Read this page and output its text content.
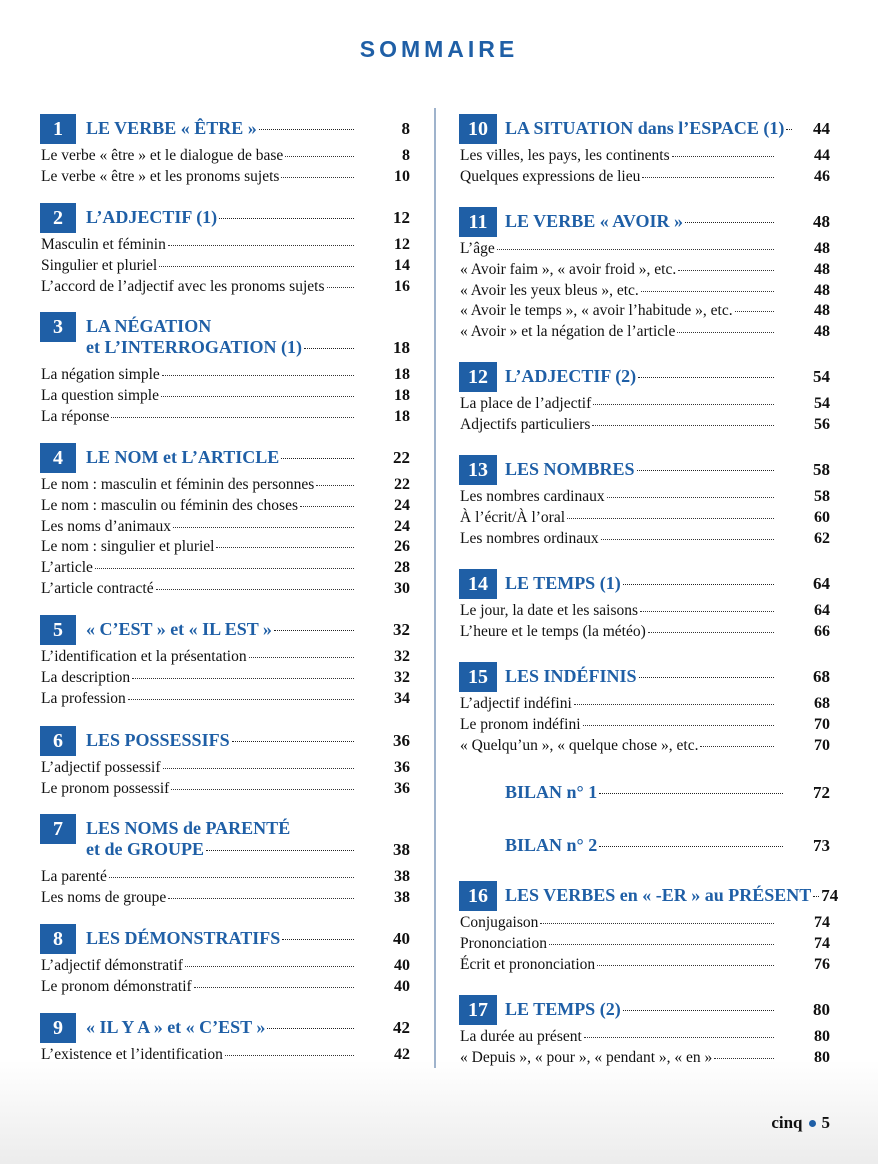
SOMMAIRE
1	LE VERBE « ÊTRE »	8
Le verbe « être » et le dialogue de base	8
Le verbe « être » et les pronoms sujets	10
2	L’ADJECTIF (1)	12
Masculin et féminin	12
Singulier et pluriel	14
L’accord de l’adjectif avec les pronoms sujets	16
3	LA NÉGATION
et L’INTERROGATION (1)	18
La négation simple	18
La question simple	18
La réponse	18
4	LE NOM et L’ARTICLE	22
Le nom : masculin et féminin des personnes	22
Le nom : masculin ou féminin des choses	24
Les noms d’animaux	24
Le nom : singulier et pluriel	26
L’article	28
L’article contracté	30
5	« C’EST » et « IL EST »	32
L’identification et la présentation	32
La description	32
La profession	34
6	LES POSSESSIFS	36
L’adjectif possessif	36
Le pronom possessif	36
7	LES NOMS de PARENTÉ
et de GROUPE	38
La parenté	38
Les noms de groupe	38
8	LES DÉMONSTRATIFS	40
L’adjectif démonstratif	40
Le pronom démonstratif	40
9	« IL Y A » et « C’EST »	42
L’existence et l’identification	42
10 LA SITUATION dans l’ESPACE (1) 44
Les villes, les pays, les continents	44
Quelques expressions de lieu	46
11 LE VERBE « AVOIR »	48
L’âge	48
« Avoir faim », « avoir froid », etc.	48
« Avoir les yeux bleus », etc.	48
« Avoir le temps », « avoir l’habitude », etc.	48
« Avoir » et la négation de l’article	48
12 L’ADJECTIF (2)	54
La place de l’adjectif	54
Adjectifs particuliers	56
13 LES NOMBRES	58
Les nombres cardinaux	58
À l’écrit/À l’oral	60
Les nombres ordinaux	62
14 LE TEMPS (1)	64
Le jour, la date et les saisons	64
L’heure et le temps (la météo)	66
15 LES INDÉFINIS	68
L’adjectif indéfini	68
Le pronom indéfini	70
« Quelqu’un », « quelque chose », etc.	70
BILAN n° 1	72
BILAN n° 2	73
16 LES VERBES en « -ER » au PRÉSENT 74
Conjugaison	74
Prononciation	74
Écrit et prononciation	76
17 LE TEMPS (2)	80
La durée au présent	80
« Depuis », « pour », « pendant », « en »	80
cinq 5
